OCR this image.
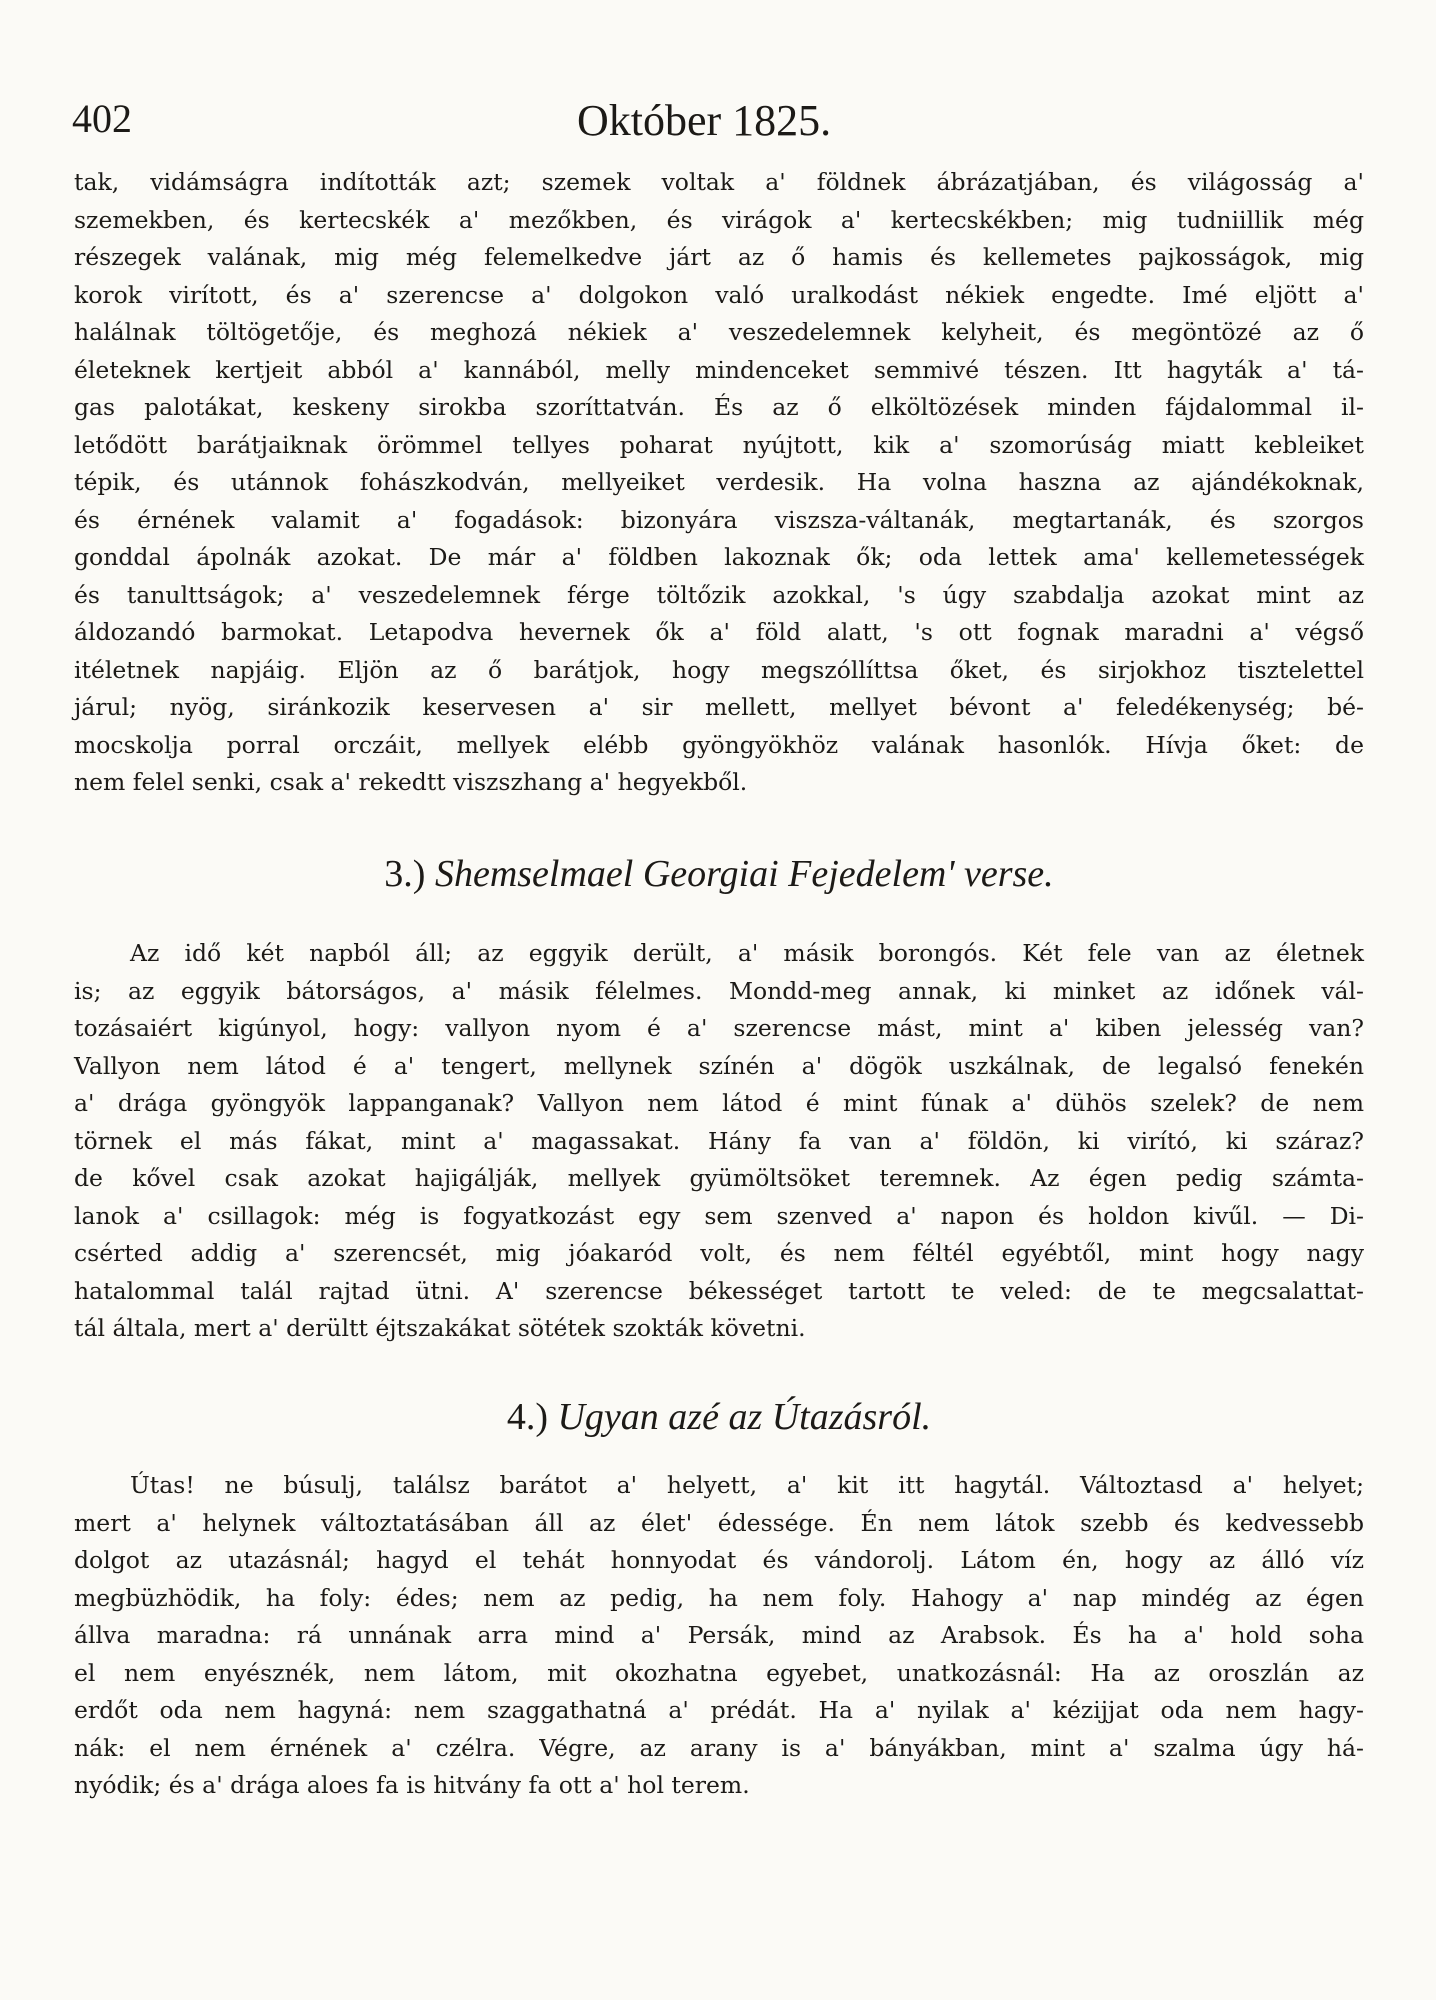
402	Október 1825.
tak, vidámságra indították azt; szemek voltak a' földnek ábrázatjában, és világosság a'
szemekben, és kertecskék a' mezőkben, és virágok a' kertecskékben; mig tudniillik még
részegek valának, mig még felemelkedve járt az ő hamis és kellemetes pajkosságok, mig
korok virított, és a' szerencse a' dolgokon való uralkodást nékiek engedte. Imé eljött a'
halálnak töltögetője, és meghozá nékiek a' veszedelemnek kelyheit, és megöntözé az ő
életeknek kertjeit abból a' kannából, melly mindenceket semmivé tészen. Itt hagyták a' tá-
gas palotákat, keskeny sirokba szoríttatván. És az ő elköltözések minden fájdalommal il-
letődött barátjaiknak örömmel tellyes poharat nyújtott, kik a' szomorúság miatt kebleiket
tépik, és utánnok fohászkodván, mellyeiket verdesik. Ha volna haszna az ajándékoknak,
és érnének valamit a' fogadások: bizonyára viszsza-váltanák, megtartanák, és szorgos
gonddal ápolnák azokat. De már a' földben lakoznak ők; oda lettek ama' kellemetességek
és tanulttságok; a' veszedelemnek férge töltőzik azokkal, 's úgy szabdalja azokat mint az
áldozandó barmokat. Letapodva hevernek ők a' föld alatt, 's ott fognak maradni a' végső
itéletnek napjáig. Eljön az ő barátjok, hogy megszóllíttsa őket, és sirjokhoz tisztelettel
járul; nyög, siránkozik keservesen a' sir mellett, mellyet bévont a' feledékenység; bé-
mocskolja porral orczáit, mellyek elébb gyöngyökhöz valának hasonlók. Hívja őket: de
nem felel senki, csak a' rekedtt viszszhang a' hegyekből.
3.) Shemselmael Georgiai Fejedelem' verse.
Az idő két napból áll; az eggyik derült, a' másik borongós. Két fele van az életnek
is; az eggyik bátorságos, a' másik félelmes. Mondd-meg annak, ki minket az időnek vál-
tozásaiért kigúnyol, hogy: vallyon nyom é a' szerencse mást, mint a' kiben jelesség van?
Vallyon nem látod é a' tengert, mellynek színén a' dögök uszkálnak, de legalsó fenekén
a' drága gyöngyök lappanganak? Vallyon nem látod é mint fúnak a' dühös szelek? de nem
törnek el más fákat, mint a' magassakat. Hány fa van a' földön, ki virító, ki száraz?
de kővel csak azokat hajigálják, mellyek gyümöltsöket teremnek. Az égen pedig számta-
lanok a' csillagok: még is fogyatkozást egy sem szenved a' napon és holdon kivűl. — Di-
csérted addig a' szerencsét, mig jóakaród volt, és nem féltél egyébtől, mint hogy nagy
hatalommal talál rajtad ütni. A' szerencse békességet tartott te veled: de te megcsalattat-
tál általa, mert a' derültt éjtszakákat sötétek szokták követni.
4.) Ugyan azé az Útazásról.
Útas! ne búsulj, találsz barátot a' helyett, a' kit itt hagytál. Változtasd a' helyet;
mert a' helynek változtatásában áll az élet' édessége. Én nem látok szebb és kedvessebb
dolgot az utazásnál; hagyd el tehát honnyodat és vándorolj. Látom én, hogy az álló víz
megbüzhödik, ha foly: édes; nem az pedig, ha nem foly. Hahogy a' nap mindég az égen
állva maradna: rá unnának arra mind a' Persák, mind az Arabsok. És ha a' hold soha
el nem enyésznék, nem látom, mit okozhatna egyebet, unatkozásnál: Ha az oroszlán az
erdőt oda nem hagyná: nem szaggathatná a' prédát. Ha a' nyilak a' kézijjat oda nem hagy-
nák: el nem érnének a' czélra. Végre, az arany is a' bányákban, mint a' szalma úgy há-
nyódik; és a' drága aloes fa is hitvány fa ott a' hol terem.
